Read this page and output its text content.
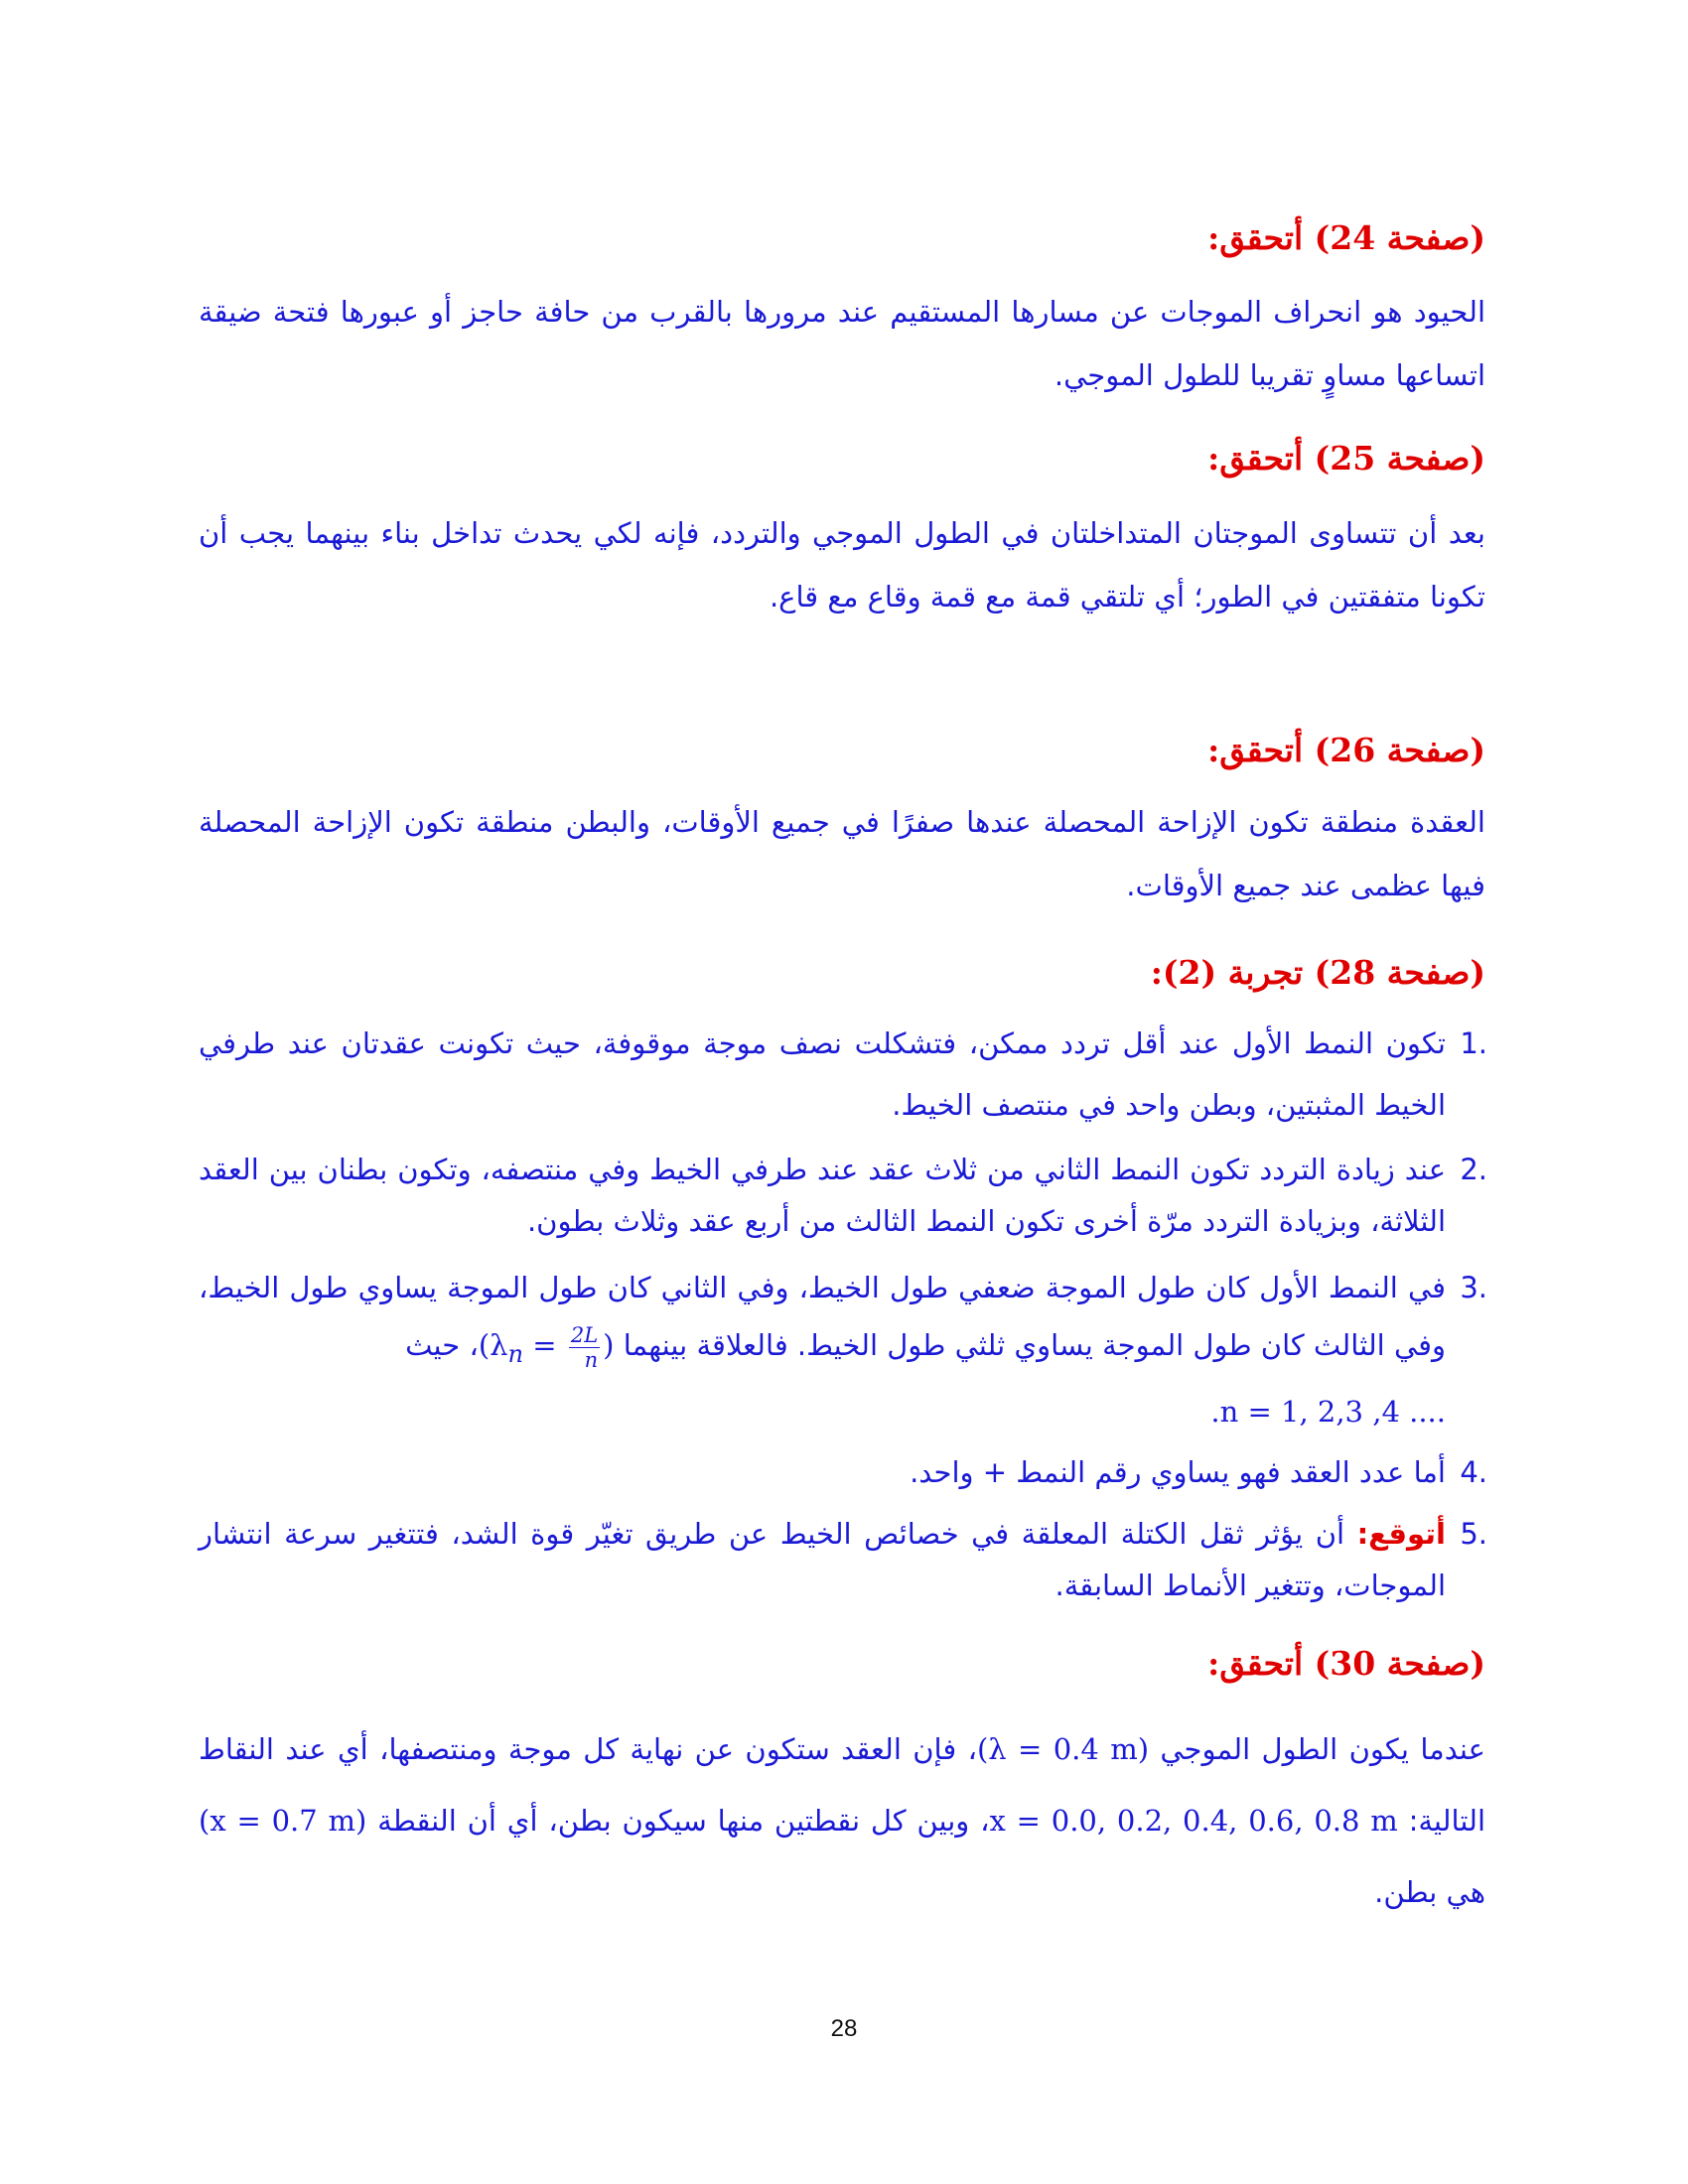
(صفحة 24) أتحقق:

الحيود هو انحراف الموجات عن مسارها المستقيم عند مرورها بالقرب من حافة حاجز أو عبورها فتحة ضيقة اتساعها مساوٍ تقريبا للطول الموجي.

(صفحة 25) أتحقق:

بعد أن تتساوى الموجتان المتداخلتان في الطول الموجي والتردد، فإنه لكي يحدث تداخل بناء بينهما يجب أن تكونا متفقتين في الطور؛ أي تلتقي قمة مع قمة وقاع مع قاع.

(صفحة 26) أتحقق:

العقدة منطقة تكون الإزاحة المحصلة عندها صفرًا في جميع الأوقات، والبطن منطقة تكون الإزاحة المحصلة فيها عظمى عند جميع الأوقات.

(صفحة 28) تجربة (2):
1.
تكون النمط الأول عند أقل تردد ممكن، فتشكلت نصف موجة موقوفة، حيث تكونت عقدتان عند طرفي الخيط المثبتين، وبطن واحد في منتصف الخيط.
2.
عند زيادة التردد تكون النمط الثاني من ثلاث عقد عند طرفي الخيط وفي منتصفه، وتكون بطنان بين العقد الثلاثة، وبزيادة التردد مرّة أخرى تكون النمط الثالث من أربع عقد وثلاث بطون.
3.
في النمط الأول كان طول الموجة ضعفي طول الخيط، وفي الثاني كان طول الموجة يساوي طول الخيط، وفي الثالث كان طول الموجة يساوي ثلثي طول الخيط. فالعلاقة بينهما ($\lambda_n = \frac{2L}{n}$ )، حيث
.n = 1, 2,3 ,4 ....
4.
أما عدد العقد فهو يساوي رقم النمط + واحد.
5.
أتوقع: أن يؤثر ثقل الكتلة المعلقة في خصائص الخيط عن طريق تغيّر قوة الشد، فتتغير سرعة انتشار الموجات، وتتغير الأنماط السابقة.
(صفحة 30) أتحقق:

عندما يكون الطول الموجي (λ = 0.4 m)، فإن العقد ستكون عن نهاية كل موجة ومنتصفها، أي عند النقاط التالية: x = 0.0, 0.2, 0.4, 0.6, 0.8 m، وبين كل نقطتين منها سيكون بطن، أي أن النقطة (x = 0.7 m) هي بطن.

28
